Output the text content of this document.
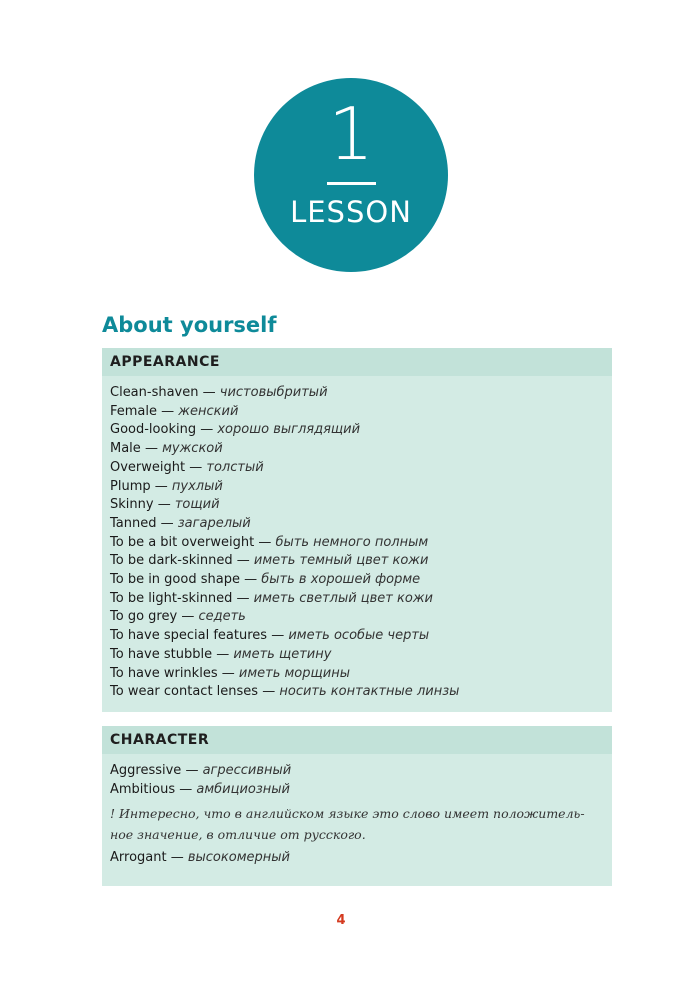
1
LESSON
About yourself
APPEARANCE
Clean-shaven — чистовыбритый
Female — женский
Good-looking — хорошо выглядящий
Male — мужской
Overweight — толстый
Plump — пухлый
Skinny — тощий
Tanned — загарелый
To be a bit overweight — быть немного полным
To be dark-skinned — иметь темный цвет кожи
To be in good shape — быть в хорошей форме
To be light-skinned — иметь светлый цвет кожи
To go grey — седеть
To have special features — иметь особые черты
To have stubble — иметь щетину
To have wrinkles — иметь морщины
To wear contact lenses — носить контактные линзы
CHARACTER
Aggressive — агрессивный
Ambitious — амбициозный
! Интересно, что в английском языке это слово имеет положитель-
ное значение, в отличие от русского.
Arrogant — высокомерный
4
